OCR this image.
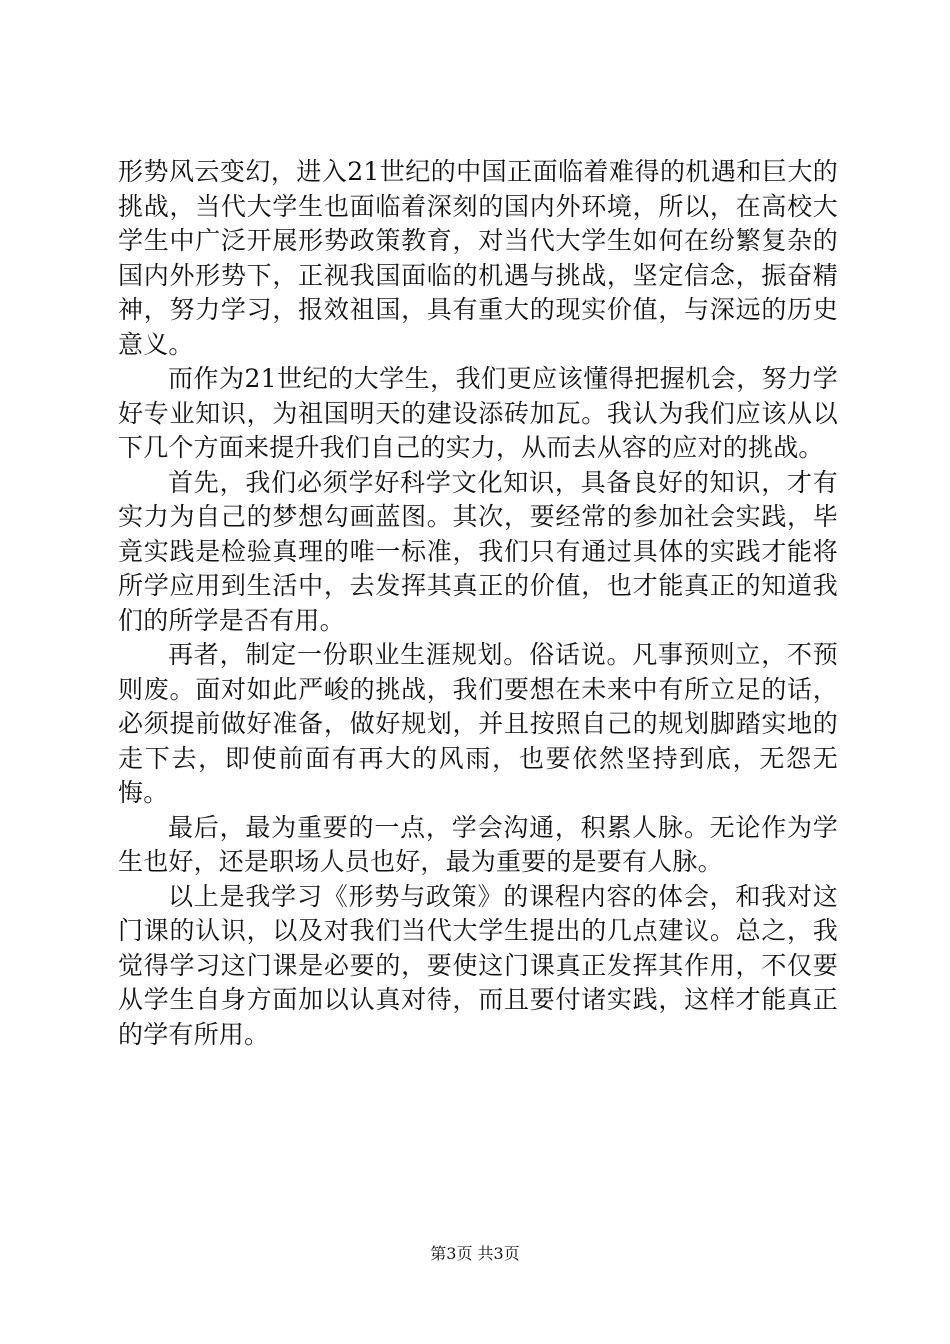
形势风云变幻，进入21世纪的中国正面临着难得的机遇和巨大的挑战，当代大学生也面临着深刻的国内外环境，所以，在高校大学生中广泛开展形势政策教育，对当代大学生如何在纷繁复杂的国内外形势下，正视我国面临的机遇与挑战，坚定信念，振奋精神，努力学习，报效祖国，具有重大的现实价值，与深远的历史意义。

而作为21世纪的大学生，我们更应该懂得把握机会，努力学好专业知识，为祖国明天的建设添砖加瓦。我认为我们应该从以下几个方面来提升我们自己的实力，从而去从容的应对的挑战。

首先，我们必须学好科学文化知识，具备良好的知识，才有实力为自己的梦想勾画蓝图。其次，要经常的参加社会实践，毕竟实践是检验真理的唯一标准，我们只有通过具体的实践才能将所学应用到生活中，去发挥其真正的价值，也才能真正的知道我们的所学是否有用。

再者，制定一份职业生涯规划。俗话说。凡事预则立，不预则废。面对如此严峻的挑战，我们要想在未来中有所立足的话，必须提前做好准备，做好规划，并且按照自己的规划脚踏实地的走下去，即使前面有再大的风雨，也要依然坚持到底，无怨无悔。

最后，最为重要的一点，学会沟通，积累人脉。无论作为学生也好，还是职场人员也好，最为重要的是要有人脉。

以上是我学习《形势与政策》的课程内容的体会，和我对这门课的认识，以及对我们当代大学生提出的几点建议。总之，我觉得学习这门课是必要的，要使这门课真正发挥其作用，不仅要从学生自身方面加以认真对待，而且要付诸实践，这样才能真正的学有所用。

第3页 共3页
